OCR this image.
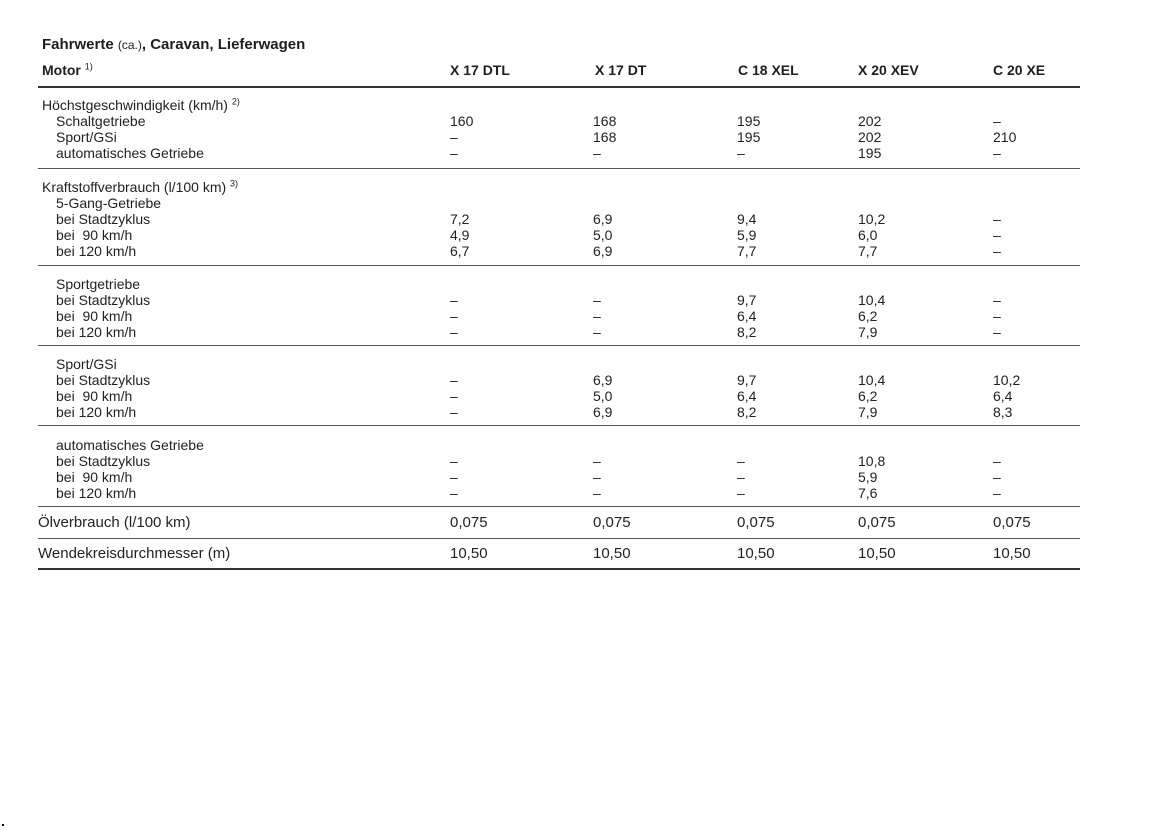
Fahrwerte (ca.), Caravan, Lieferwagen
Motor $^{1)}$	X 17 DTL	X 17 DT	C 18 XEL	X 20 XEV	C 20 XE
Höchstgeschwindigkeit (km/h) $^{2)}$
Schaltgetriebe	160	168	195	202	–
Sport/GSi	–	168	195	202	210
automatisches Getriebe	–	–	–	195	–
Kraftstoffverbrauch (l/100 km) $^{3)}$
5-Gang-Getriebe
bei Stadtzyklus	7,2	6,9	9,4	10,2	–
bei  90 km/h	4,9	5,0	5,9	6,0	–
bei 120 km/h	6,7	6,9	7,7	7,7	–
Sportgetriebe
bei Stadtzyklus	–	–	9,7	10,4	–
bei  90 km/h	–	–	6,4	6,2	–
bei 120 km/h	–	–	8,2	7,9	–
Sport/GSi
bei Stadtzyklus	–	6,9	9,7	10,4	10,2
bei  90 km/h	–	5,0	6,4	6,2	6,4
bei 120 km/h	–	6,9	8,2	7,9	8,3
automatisches Getriebe
bei Stadtzyklus	–	–	–	10,8	–
bei  90 km/h	–	–	–	5,9	–
bei 120 km/h	–	–	–	7,6	–
Ölverbrauch (l/100 km)	0,075	0,075	0,075	0,075	0,075
Wendekreisdurchmesser (m)	10,50	10,50	10,50	10,50	10,50
